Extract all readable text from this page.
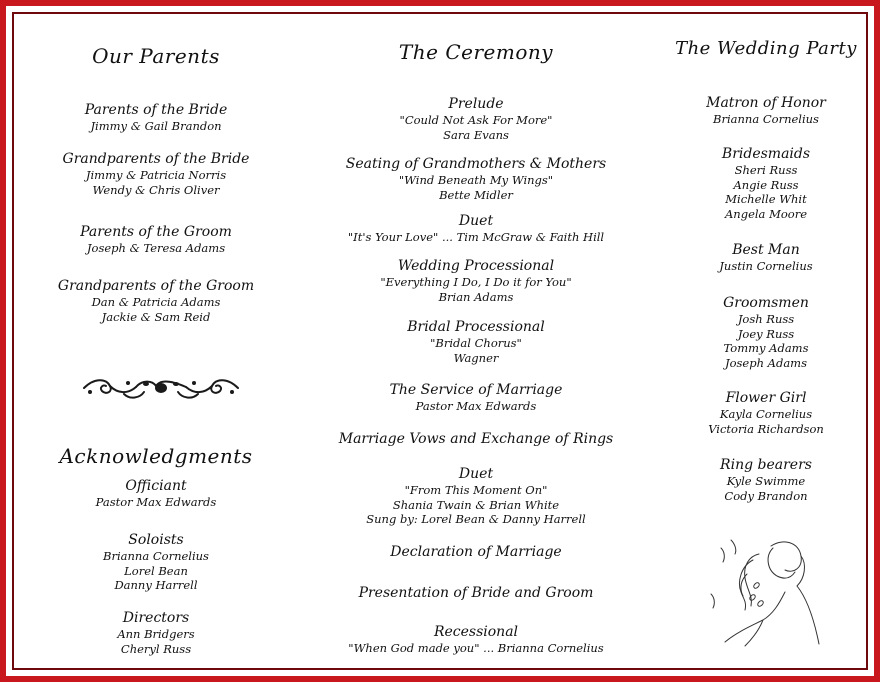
Our Parents
Parents of the Bride
Jimmy & Gail Brandon
Grandparents of the Bride
Jimmy & Patricia Norris
Wendy & Chris Oliver
Parents of the Groom
Joseph & Teresa Adams
Grandparents of the Groom
Dan & Patricia Adams
Jackie & Sam Reid
Acknowledgments
Officiant
Pastor Max Edwards
Soloists
Brianna Cornelius
Lorel Bean
Danny Harrell
Directors
Ann Bridgers
Cheryl Russ
The Ceremony
Prelude
"Could Not Ask For More"
Sara Evans
Seating of Grandmothers & Mothers
"Wind Beneath My Wings"
Bette Midler
Duet
"It's Your Love" ... Tim McGraw & Faith Hill
Wedding Processional
"Everything I Do, I Do it for You"
Brian Adams
Bridal Processional
"Bridal Chorus"
Wagner
The Service of Marriage
Pastor Max Edwards
Marriage Vows and Exchange of Rings
Duet
"From This Moment On"
Shania Twain & Brian White
Sung by: Lorel Bean & Danny Harrell
Declaration of Marriage
Presentation of Bride and Groom
Recessional
"When God made you" ... Brianna Cornelius
The Wedding Party
Matron of Honor
Brianna Cornelius
Bridesmaids
Sheri Russ
Angie Russ
Michelle Whit
Angela Moore
Best Man
Justin Cornelius
Groomsmen
Josh Russ
Joey Russ
Tommy Adams
Joseph Adams
Flower Girl
Kayla Cornelius
Victoria Richardson
Ring bearers
Kyle Swimme
Cody Brandon
